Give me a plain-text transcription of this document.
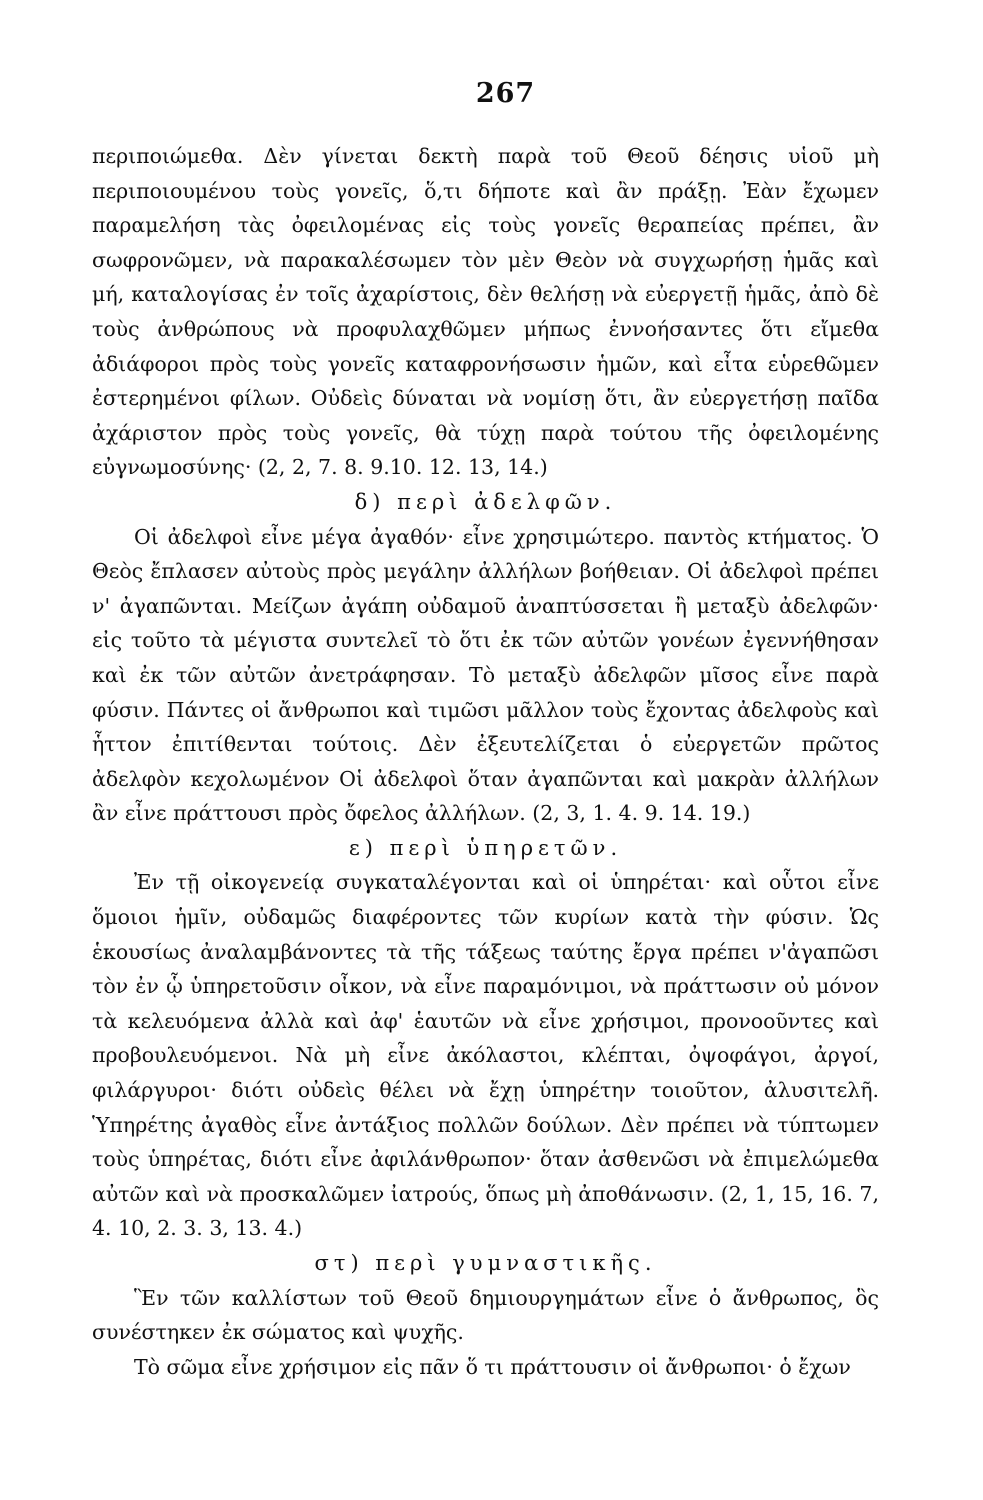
267

περιποιώμεθα. Δὲν γίνεται δεκτὴ παρὰ τοῦ Θεοῦ δέησις υἱοῦ μὴ περιποιουμένου τοὺς γονεῖς, ὅ,τι δήποτε καὶ ἂν πράξῃ. Ἐὰν ἔχωμεν παραμελήση τὰς ὀφειλομένας εἰς τοὺς γονεῖς θεραπείας πρέπει, ἂν σωφρονῶμεν, νὰ παρακαλέσωμεν τὸν μὲν Θεὸν νὰ συγχωρήσῃ ἡμᾶς καὶ μή, καταλογίσας ἐν τοῖς ἀχαρίστοις, δὲν θελήσῃ νὰ εὐεργετῇ ἡμᾶς, ἀπὸ δὲ τοὺς ἀνθρώπους νὰ προφυλαχθῶμεν μήπως ἐννοήσαντες ὅτι εἴμεθα ἀδιάφοροι πρὸς τοὺς γονεῖς καταφρονήσωσιν ἡμῶν, καὶ εἶτα εὑρεθῶμεν ἐστερημένοι φίλων. Οὐδεὶς δύναται νὰ νομίσῃ ὅτι, ἂν εὐεργετήσῃ παῖδα ἀχάριστον πρὸς τοὺς γονεῖς, θὰ τύχῃ παρὰ τούτου τῆς ὀφειλομένης εὐγνωμοσύνης· (2, 2, 7. 8. 9.10. 12. 13, 14.)

δ) περὶ ἀδελφῶν.

Οἱ ἀδελφοὶ εἶνε μέγα ἀγαθόν· εἶνε χρησιμώτερο. παντὸς κτήματος. Ὁ Θεὸς ἔπλασεν αὐτοὺς πρὸς μεγάλην ἀλλήλων βοήθειαν. Οἱ ἀδελφοὶ πρέπει ν' ἀγαπῶνται. Μείζων ἀγάπη οὐδαμοῦ ἀναπτύσσεται ἢ μεταξὺ ἀδελφῶν· εἰς τοῦτο τὰ μέγιστα συντελεῖ τὸ ὅτι ἐκ τῶν αὐτῶν γονέων ἐγεννήθησαν καὶ ἐκ τῶν αὐτῶν ἀνετράφησαν. Τὸ μεταξὺ ἀδελφῶν μῖσος εἶνε παρὰ φύσιν. Πάντες οἱ ἄνθρωποι καὶ τιμῶσι μᾶλλον τοὺς ἔχοντας ἀδελφοὺς καὶ ἧττον ἐπιτίθενται τούτοις. Δὲν ἐξευτελίζεται ὁ εὐεργετῶν πρῶτος ἀδελφὸν κεχολωμένον Οἱ ἀδελφοὶ ὅταν ἀγαπῶνται καὶ μακρὰν ἀλλήλων ἂν εἶνε πράττουσι πρὸς ὄφελος ἀλλήλων. (2, 3, 1. 4. 9. 14. 19.)

ε) περὶ ὑπηρετῶν.

Ἐν τῇ οἰκογενείᾳ συγκαταλέγονται καὶ οἱ ὑπηρέται· καὶ οὗτοι εἶνε ὅμοιοι ἡμῖν, οὐδαμῶς διαφέροντες τῶν κυρίων κατὰ τὴν φύσιν. Ὡς ἑκουσίως ἀναλαμβάνοντες τὰ τῆς τάξεως ταύτης ἔργα πρέπει ν'ἀγαπῶσι τὸν ἐν ᾧ ὑπηρετοῦσιν οἶκον, νὰ εἶνε παραμόνιμοι, νὰ πράττωσιν οὐ μόνον τὰ κελευόμενα ἀλλὰ καὶ ἀφ' ἑαυτῶν νὰ εἶνε χρήσιμοι, προνοοῦντες καὶ προβουλευόμενοι. Νὰ μὴ εἶνε ἀκόλαστοι, κλέπται, ὀψοφάγοι, ἀργοί, φιλάργυροι· διότι οὐδεὶς θέλει νὰ ἔχῃ ὑπηρέτην τοιοῦτον, ἀλυσιτελῆ. Ὑπηρέτης ἀγαθὸς εἶνε ἀντάξιος πολλῶν δούλων. Δὲν πρέπει νὰ τύπτωμεν τοὺς ὑπηρέτας, διότι εἶνε ἀφιλάνθρωπον· ὅταν ἀσθενῶσι νὰ ἐπιμελώμεθα αὐτῶν καὶ νὰ προσκαλῶμεν ἰατρούς, ὅπως μὴ ἀποθάνωσιν. (2, 1, 15, 16. 7, 4. 10, 2. 3. 3, 13. 4.)

στ) περὶ γυμναστικῆς.

Ἓν τῶν καλλίστων τοῦ Θεοῦ δημιουργημάτων εἶνε ὁ ἄνθρωπος, ὃς συνέστηκεν ἐκ σώματος καὶ ψυχῆς.

Τὸ σῶμα εἶνε χρήσιμον εἰς πᾶν ὅ τι πράττουσιν οἱ ἄνθρωποι· ὁ ἔχων
